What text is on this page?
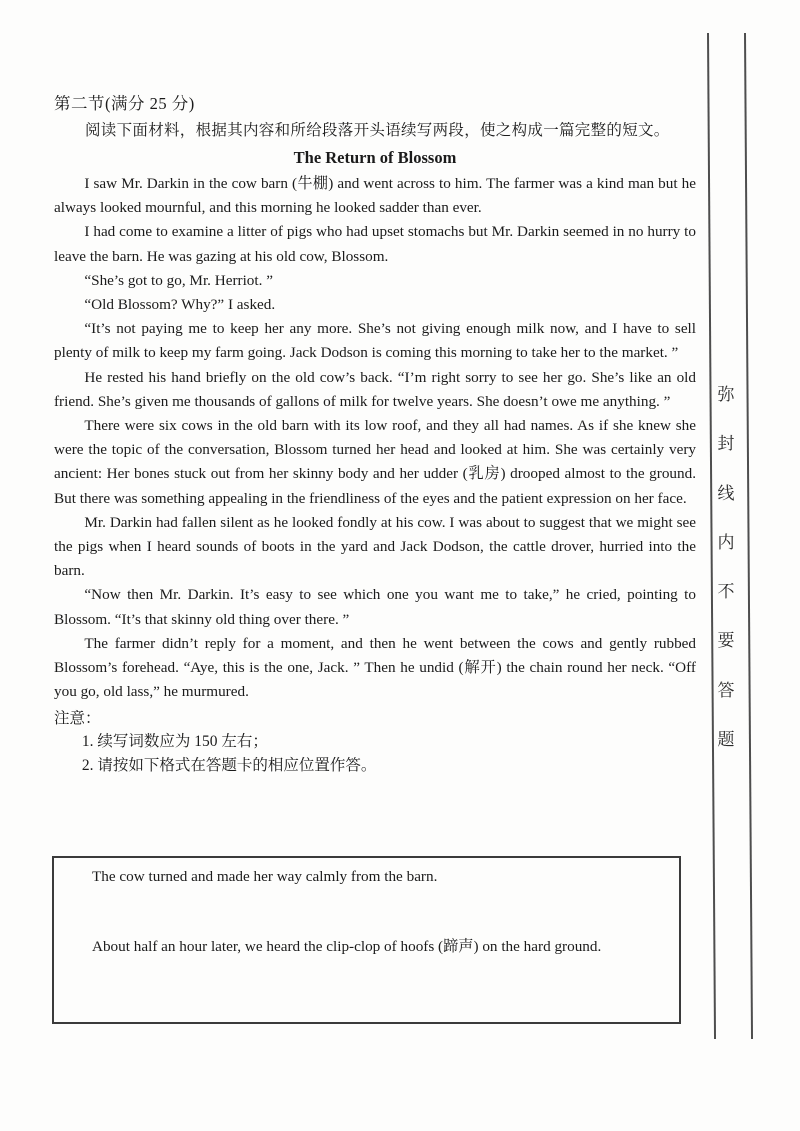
第二节(满分 25 分)
阅读下面材料，根据其内容和所给段落开头语续写两段，使之构成一篇完整的短文。
The Return of Blossom

I saw Mr. Darkin in the cow barn (牛棚) and went across to him. The farmer was a kind man but he always looked mournful, and this morning he looked sadder than ever.

I had come to examine a litter of pigs who had upset stomachs but Mr. Darkin seemed in no hurry to leave the barn. He was gazing at his old cow, Blossom.

“She’s got to go, Mr. Herriot. ”

“Old Blossom? Why?” I asked.

“It’s not paying me to keep her any more. She’s not giving enough milk now, and I have to sell plenty of milk to keep my farm going. Jack Dodson is coming this morning to take her to the market. ”

He rested his hand briefly on the old cow’s back. “I’m right sorry to see her go. She’s like an old friend. She’s given me thousands of gallons of milk for twelve years. She doesn’t owe me anything. ”

There were six cows in the old barn with its low roof, and they all had names. As if she knew she were the topic of the conversation, Blossom turned her head and looked at him. She was certainly very ancient: Her bones stuck out from her skinny body and her udder (乳房) drooped almost to the ground. But there was something appealing in the friendliness of the eyes and the patient expression on her face.

Mr. Darkin had fallen silent as he looked fondly at his cow. I was about to suggest that we might see the pigs when I heard sounds of boots in the yard and Jack Dodson, the cattle drover, hurried into the barn.

“Now then Mr. Darkin. It’s easy to see which one you want me to take,” he cried, pointing to Blossom. “It’s that skinny old thing over there. ”

The farmer didn’t reply for a moment, and then he went between the cows and gently rubbed Blossom’s forehead. “Aye, this is the one, Jack. ” Then he undid (解开) the chain round her neck. “Off you go, old lass,” he murmured.

注意：
1. 续写词数应为 150 左右；
2. 请按如下格式在答题卡的相应位置作答。

The cow turned and made her way calmly from the barn.

About half an hour later, we heard the clip-clop of hoofs (蹄声) on the hard ground.

弥
封
线
内
不
要
答
题
